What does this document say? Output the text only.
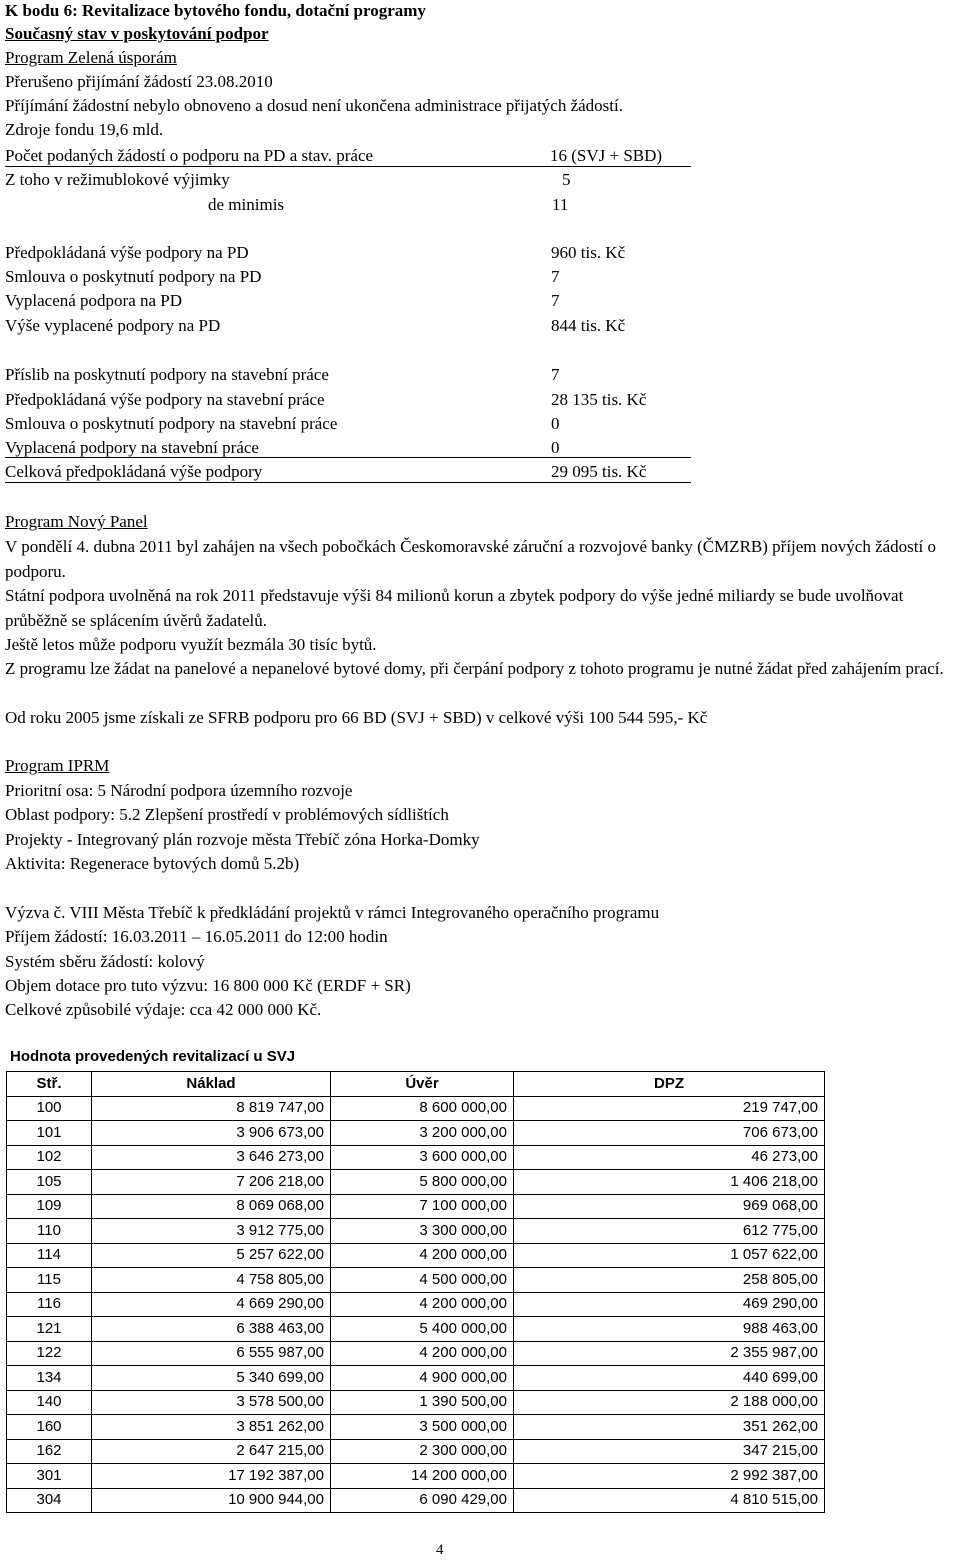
K bodu 6: Revitalizace bytového fondu, dotační programy
Současný stav v poskytování podpor
Program Zelená úsporám
Přerušeno přijímání žádostí 23.08.2010
Příjímání žádostní nebylo obnoveno a dosud není ukončena administrace přijatých žádostí.
Zdroje fondu 19,6 mld.
Počet podaných žádostí o podporu na PD a stav. práce	16 (SVJ + SBD)
Z toho v režimublokové výjimky	5
de minimis	11
Předpokládaná výše podpory na PD	960 tis. Kč
Smlouva o poskytnutí podpory na PD	7
Vyplacená podpora na PD	7
Výše vyplacené podpory na PD	844 tis. Kč
Příslib na poskytnutí podpory na stavební práce	7
Předpokládaná výše podpory na stavební práce	28 135 tis. Kč
Smlouva o poskytnutí podpory na stavební práce	0
Vyplacená podpory na stavební práce	0
Celková předpokládaná výše podpory	29 095 tis. Kč
Program Nový Panel
V pondělí 4. dubna 2011 byl zahájen na všech pobočkách Českomoravské záruční a rozvojové banky (ČMZRB) příjem nových žádostí o podporu.
Státní podpora uvolněná na rok 2011 představuje výši 84 milionů korun a zbytek podpory do výše jedné miliardy se bude uvolňovat průběžně se splácením úvěrů žadatelů.
Ještě letos může podporu využít bezmála 30 tisíc bytů.
Z programu lze žádat na panelové a nepanelové bytové domy, při čerpání podpory z tohoto programu je nutné žádat před zahájením prací.
Od roku 2005 jsme získali ze SFRB podporu pro 66 BD (SVJ + SBD) v celkové výši 100 544 595,- Kč
Program IPRM
Prioritní osa: 5 Národní podpora územního rozvoje
Oblast podpory: 5.2 Zlepšení prostředí v problémových sídlištích
Projekty - Integrovaný plán rozvoje města Třebíč zóna Horka-Domky
Aktivita: Regenerace bytových domů 5.2b)
Výzva č. VIII Města Třebíč k předkládání projektů v rámci Integrovaného operačního programu
Příjem žádostí: 16.03.2011 – 16.05.2011 do 12:00 hodin
Systém sběru žádostí: kolový
Objem dotace pro tuto výzvu: 16 800 000 Kč (ERDF + SR)
Celkové způsobilé výdaje: cca 42 000 000 Kč.
Hodnota provedených revitalizací u SVJ
Stř.	Náklad	Úvěr	DPZ
100	8 819 747,00	8 600 000,00	219 747,00
101	3 906 673,00	3 200 000,00	706 673,00
102	3 646 273,00	3 600 000,00	46 273,00
105	7 206 218,00	5 800 000,00	1 406 218,00
109	8 069 068,00	7 100 000,00	969 068,00
110	3 912 775,00	3 300 000,00	612 775,00
114	5 257 622,00	4 200 000,00	1 057 622,00
115	4 758 805,00	4 500 000,00	258 805,00
116	4 669 290,00	4 200 000,00	469 290,00
121	6 388 463,00	5 400 000,00	988 463,00
122	6 555 987,00	4 200 000,00	2 355 987,00
134	5 340 699,00	4 900 000,00	440 699,00
140	3 578 500,00	1 390 500,00	2 188 000,00
160	3 851 262,00	3 500 000,00	351 262,00
162	2 647 215,00	2 300 000,00	347 215,00
301	17 192 387,00	14 200 000,00	2 992 387,00
304	10 900 944,00	6 090 429,00	4 810 515,00
4
